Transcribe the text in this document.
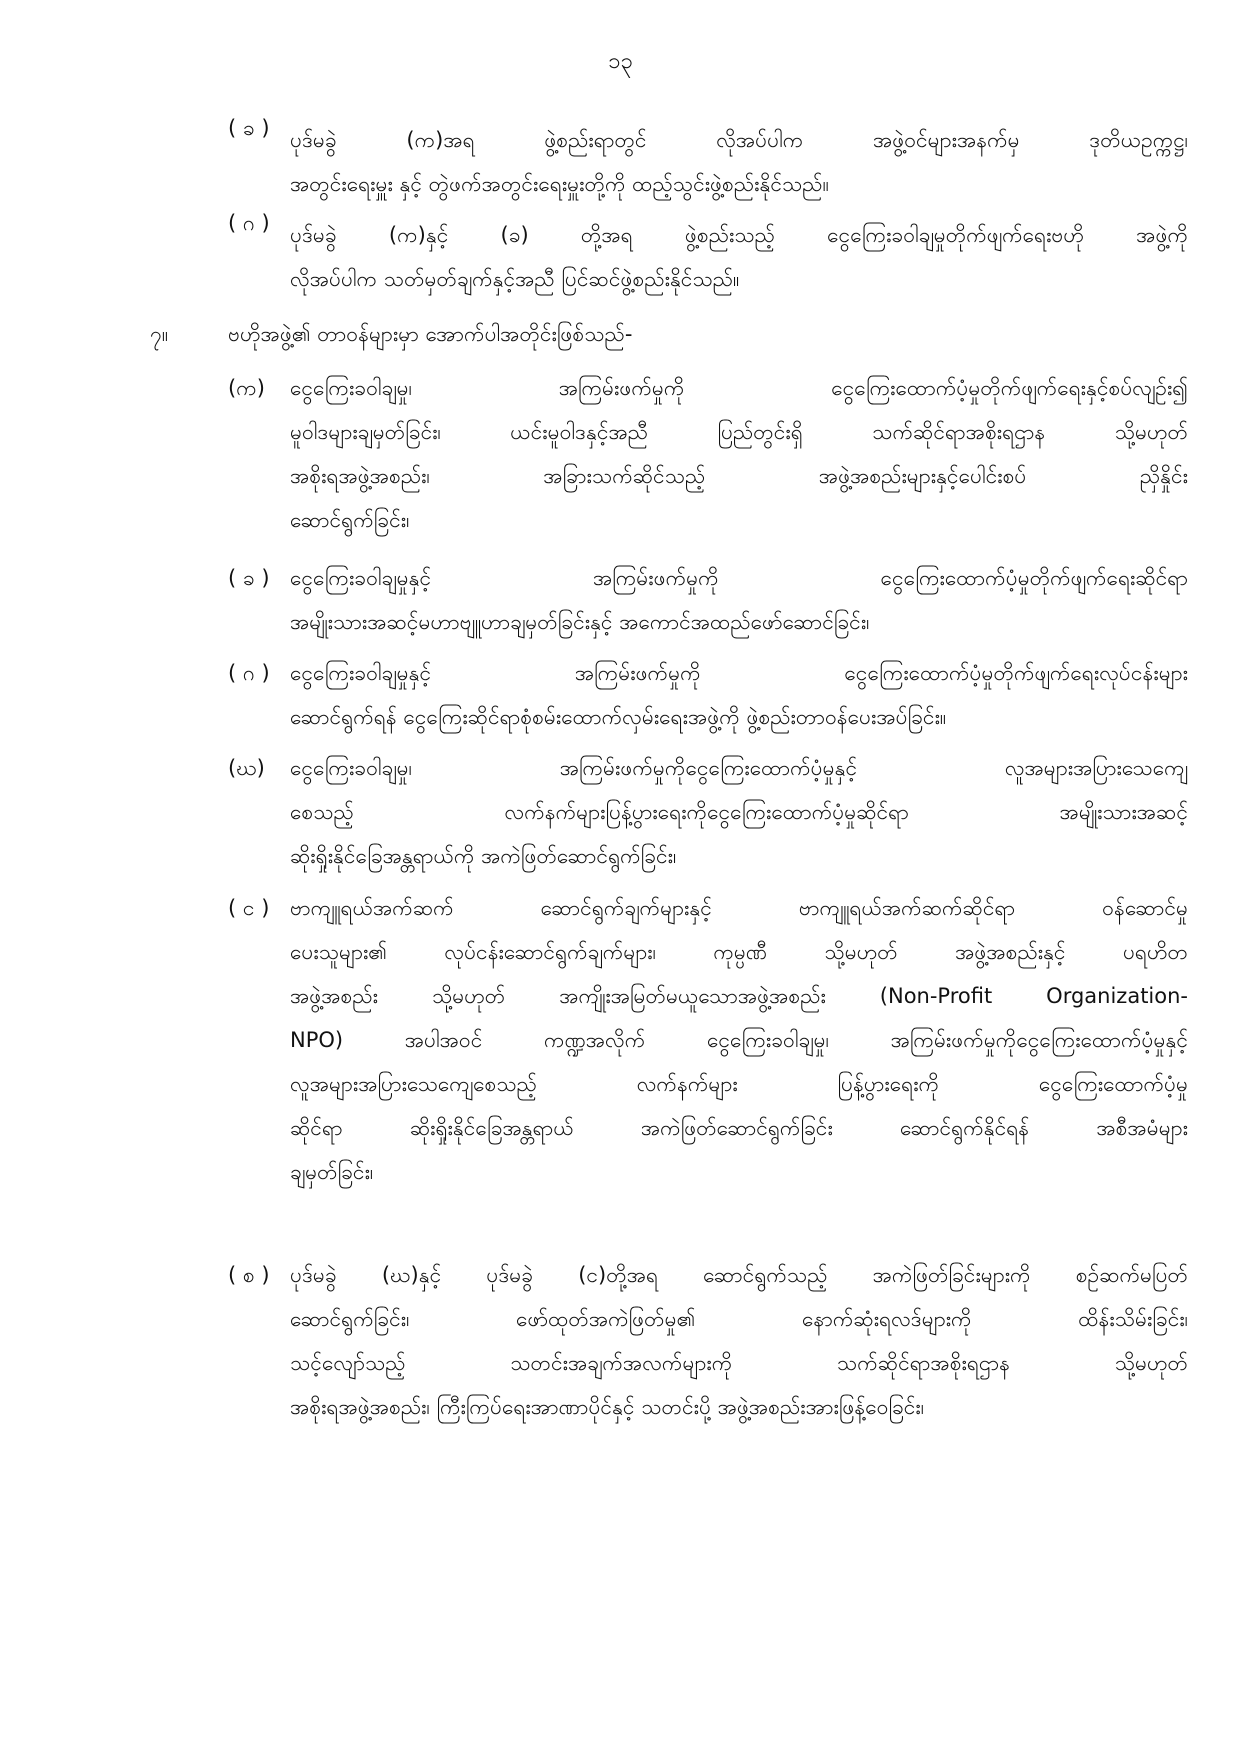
၁၃
( ခ ) ပုဒ်မခွဲ (က)အရ ဖွဲ့စည်းရာတွင် လိုအပ်ပါက အဖွဲ့ဝင်များအနက်မှ ဒုတိယဥက္ကဋ္ဌ၊
အတွင်းရေးမှူး နှင့် တွဲဖက်အတွင်းရေးမှူးတို့ကို ထည့်သွင်းဖွဲ့စည်းနိုင်သည်။
( ဂ ) ပုဒ်မခွဲ (က)နှင့် (ခ) တို့အရ ဖွဲ့စည်းသည့် ငွေကြေးခဝါချမှုတိုက်ဖျက်ရေးဗဟို အဖွဲ့ကို
လိုအပ်ပါက သတ်မှတ်ချက်နှင့်အညီ ပြင်ဆင်ဖွဲ့စည်းနိုင်သည်။
၇။	ဗဟိုအဖွဲ့၏ တာဝန်များမှာ အောက်ပါအတိုင်းဖြစ်သည်-
(က) ငွေကြေးခဝါချမှု၊ အကြမ်းဖက်မှုကို ငွေကြေးထောက်ပံ့မှုတိုက်ဖျက်ရေးနှင့်စပ်လျဉ်း၍
မူဝါဒများချမှတ်ခြင်း၊ ယင်းမူဝါဒနှင့်အညီ ပြည်တွင်းရှိ သက်ဆိုင်ရာအစိုးရဌာန သို့မဟုတ်
အစိုးရအဖွဲ့အစည်း၊ အခြားသက်ဆိုင်သည့် အဖွဲ့အစည်းများနှင့်ပေါင်းစပ် ညှိနှိုင်း
ဆောင်ရွက်ခြင်း၊
( ခ ) ငွေကြေးခဝါချမှုနှင့် အကြမ်းဖက်မှုကို ငွေကြေးထောက်ပံ့မှုတိုက်ဖျက်ရေးဆိုင်ရာ
အမျိုးသားအဆင့်မဟာဗျူဟာချမှတ်ခြင်းနှင့် အကောင်အထည်ဖော်ဆောင်ခြင်း၊
( ဂ ) ငွေကြေးခဝါချမှုနှင့် အကြမ်းဖက်မှုကို ငွေကြေးထောက်ပံ့မှုတိုက်ဖျက်ရေးလုပ်ငန်းများ
ဆောင်ရွက်ရန် ငွေကြေးဆိုင်ရာစုံစမ်းထောက်လှမ်းရေးအဖွဲ့ကို ဖွဲ့စည်းတာဝန်ပေးအပ်ခြင်း။
(ဃ) ငွေကြေးခဝါချမှု၊ အကြမ်းဖက်မှုကိုငွေကြေးထောက်ပံ့မှုနှင့် လူအများအပြားသေကျေ
စေသည့် လက်နက်များပြန့်ပွားရေးကိုငွေကြေးထောက်ပံ့မှုဆိုင်ရာ အမျိုးသားအဆင့်
ဆိုးရှိုးနိုင်ခြေအန္တရာယ်ကို အကဲဖြတ်ဆောင်ရွက်ခြင်း၊
( င ) ဗာကျူရယ်အက်ဆက် ဆောင်ရွက်ချက်များနှင့် ဗာကျူရယ်အက်ဆက်ဆိုင်ရာ ဝန်ဆောင်မှု
ပေးသူများ၏ လုပ်ငန်းဆောင်ရွက်ချက်များ၊ ကုမ္ပဏီ သို့မဟုတ် အဖွဲ့အစည်းနှင့် ပရဟိတ
အဖွဲ့အစည်း သို့မဟုတ် အကျိုးအမြတ်မယူသောအဖွဲ့အစည်း (Non-Profit Organization-
NPO) အပါအဝင် ကဏ္ဍအလိုက် ငွေကြေးခဝါချမှု၊ အကြမ်းဖက်မှုကိုငွေကြေးထောက်ပံ့မှုနှင့်
လူအများအပြားသေကျေစေသည့် လက်နက်များ ပြန့်ပွားရေးကို ငွေကြေးထောက်ပံ့မှု
ဆိုင်ရာ ဆိုးရှိုးနိုင်ခြေအန္တရာယ် အကဲဖြတ်ဆောင်ရွက်ခြင်း ဆောင်ရွက်နိုင်ရန် အစီအမံများ
ချမှတ်ခြင်း၊
( စ ) ပုဒ်မခွဲ (ဃ)နှင့် ပုဒ်မခွဲ (င)တို့အရ ဆောင်ရွက်သည့် အကဲဖြတ်ခြင်းများကို စဉ်ဆက်မပြတ်
ဆောင်ရွက်ခြင်း၊ ဖော်ထုတ်အကဲဖြတ်မှု၏ နောက်ဆုံးရလဒ်များကို ထိန်းသိမ်းခြင်း၊
သင့်လျော်သည့် သတင်းအချက်အလက်များကို သက်ဆိုင်ရာအစိုးရဌာန သို့မဟုတ်
အစိုးရအဖွဲ့အစည်း၊ ကြီးကြပ်ရေးအာဏာပိုင်နှင့် သတင်းပို့ အဖွဲ့အစည်းအားဖြန့်ဝေခြင်း၊
